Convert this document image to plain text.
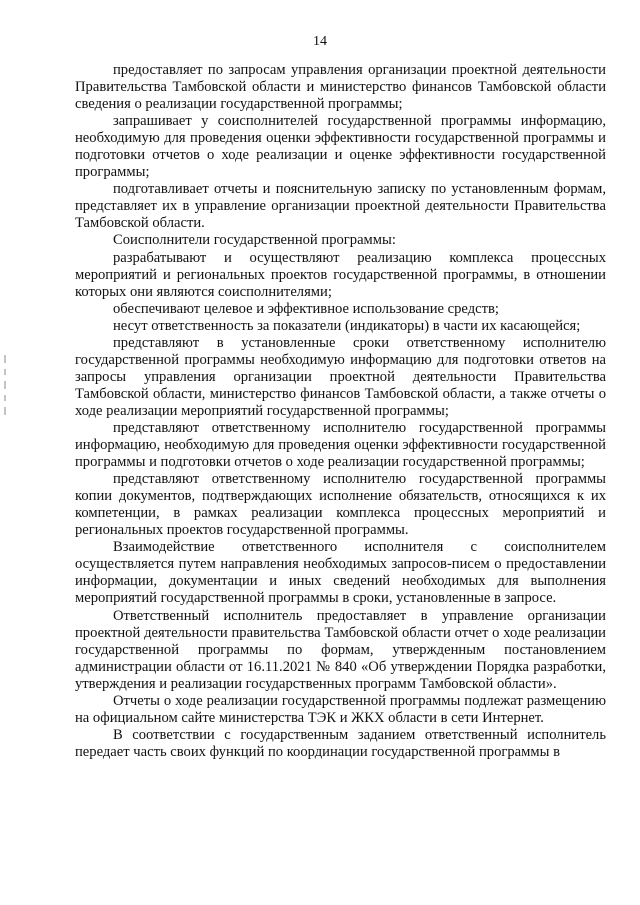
14

предоставляет по запросам управления организации проектной деятельности Правительства Тамбовской области и министерство финансов Тамбовской области сведения о реализации государственной программы;

запрашивает у соисполнителей государственной программы информацию, необходимую для проведения оценки эффективности государственной программы и подготовки отчетов о ходе реализации и оценке эффективности государственной программы;

подготавливает отчеты и пояснительную записку по установленным формам, представляет их в управление организации проектной деятельности Правительства Тамбовской области.

Соисполнители государственной программы:

разрабатывают и осуществляют реализацию комплекса процессных мероприятий и региональных проектов государственной программы, в отношении которых они являются соисполнителями;

обеспечивают целевое и эффективное использование средств;

несут ответственность за показатели (индикаторы) в части их касающейся;

представляют в установленные сроки ответственному исполнителю государственной программы необходимую информацию для подготовки ответов на запросы управления организации проектной деятельности Правительства Тамбовской области, министерство финансов Тамбовской области, а также отчеты о ходе реализации мероприятий государственной программы;

представляют ответственному исполнителю государственной программы информацию, необходимую для проведения оценки эффективности государственной программы и подготовки отчетов о ходе реализации государственной программы;

представляют ответственному исполнителю государственной программы копии документов, подтверждающих исполнение обязательств, относящихся к их компетенции, в рамках реализации комплекса процессных мероприятий и региональных проектов государственной программы.

Взаимодействие ответственного исполнителя с соисполнителем осуществляется путем направления необходимых запросов-писем о предоставлении информации, документации и иных сведений необходимых для выполнения мероприятий государственной программы в сроки, установленные в запросе.

Ответственный исполнитель предоставляет в управление организации проектной деятельности правительства Тамбовской области отчет о ходе реализации государственной программы по формам, утвержденным постановлением администрации области от 16.11.2021 № 840 «Об утверждении Порядка разработки, утверждения и реализации государственных программ Тамбовской области».

Отчеты о ходе реализации государственной программы подлежат размещению на официальном сайте министерства ТЭК и ЖКХ области в сети Интернет.

В соответствии с государственным заданием ответственный исполнитель передает часть своих функций по координации государственной программы в
